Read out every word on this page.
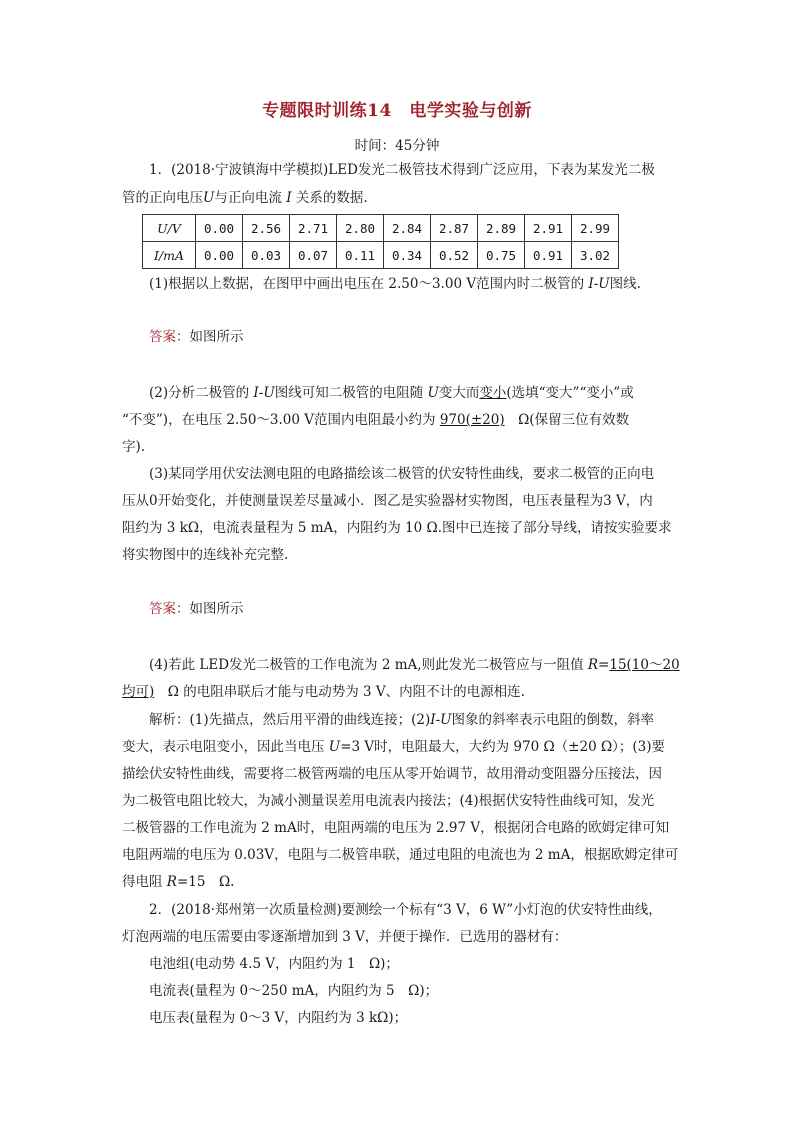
专题限时训练14　电学实验与创新
时间：45分钟
1．(2018·宁波镇海中学模拟)LED发光二极管技术得到广泛应用，下表为某发光二极
管的正向电压U与正向电流 I 关系的数据.
U/V	0.00	2.56	2.71	2.80	2.84	2.87	2.89	2.91	2.99
I/mA	0.00	0.03	0.07	0.11	0.34	0.52	0.75	0.91	3.02
(1)根据以上数据，在图甲中画出电压在 2.50～3.00 V范围内时二极管的 I-U图线.
答案：如图所示
(2)分析二极管的 I-U图线可知二极管的电阻随 U变大而变小(选填“变大”“变小”或
“不变”)，在电压 2.50～3.00 V范围内电阻最小约为 970(±20)　Ω(保留三位有效数
字).
(3)某同学用伏安法测电阻的电路描绘该二极管的伏安特性曲线，要求二极管的正向电
压从0开始变化，并使测量误差尽量减小．图乙是实验器材实物图，电压表量程为3 V，内
阻约为 3 kΩ，电流表量程为 5 mA，内阻约为 10 Ω.图中已连接了部分导线，请按实验要求
将实物图中的连线补充完整.
答案：如图所示
(4)若此 LED发光二极管的工作电流为 2 mA,则此发光二极管应与一阻值 R=15(10～20
均可)　Ω 的电阻串联后才能与电动势为 3 V、内阻不计的电源相连.
解析：(1)先描点，然后用平滑的曲线连接；(2)I-U图象的斜率表示电阻的倒数，斜率
变大，表示电阻变小，因此当电压 U=3 V时，电阻最大，大约为 970 Ω（±20 Ω）；(3)要
描绘伏安特性曲线，需要将二极管两端的电压从零开始调节，故用滑动变阻器分压接法，因
为二极管电阻比较大，为减小测量误差用电流表内接法；(4)根据伏安特性曲线可知，发光
二极管器的工作电流为 2 mA时，电阻两端的电压为 2.97 V，根据闭合电路的欧姆定律可知
电阻两端的电压为 0.03V，电阻与二极管串联，通过电阻的电流也为 2 mA，根据欧姆定律可
得电阻 R=15　Ω.
2．(2018·郑州第一次质量检测)要测绘一个标有“3 V，6 W”小灯泡的伏安特性曲线，
灯泡两端的电压需要由零逐渐增加到 3 V，并便于操作．已选用的器材有：
电池组(电动势 4.5 V，内阻约为 1　Ω)；
电流表(量程为 0～250 mA，内阻约为 5　Ω)；
电压表(量程为 0～3 V，内阻约为 3 kΩ)；
